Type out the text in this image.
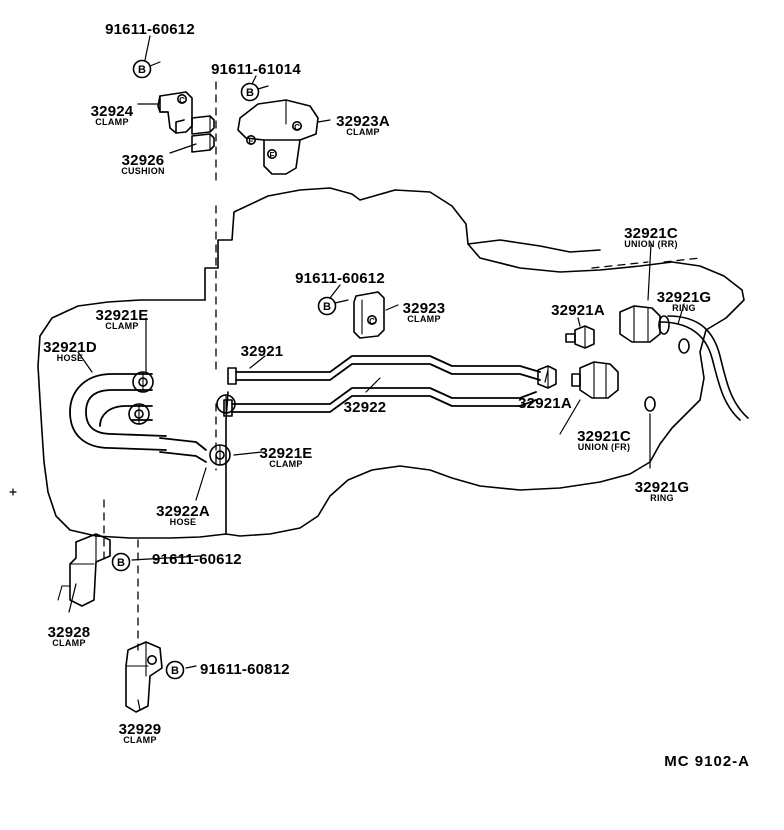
C
C
E
F
C
B
B
B
B
B
91611-60612
91611-61014
32924
CLAMP	32923A
CLAMP
32926
CUSHION
32921C
UNION (RR)
91611-60612
32923
CLAMP
32921G
RING
32921A
32921E
CLAMP
32921D
HOSE	32921
32922	32921A
32921C
UNION (FR)
32921E
CLAMP
32921G
RING
32922A
HOSE
91611-60612
32928
CLAMP
91611-60812
32929
CLAMP
MC 9102-A
